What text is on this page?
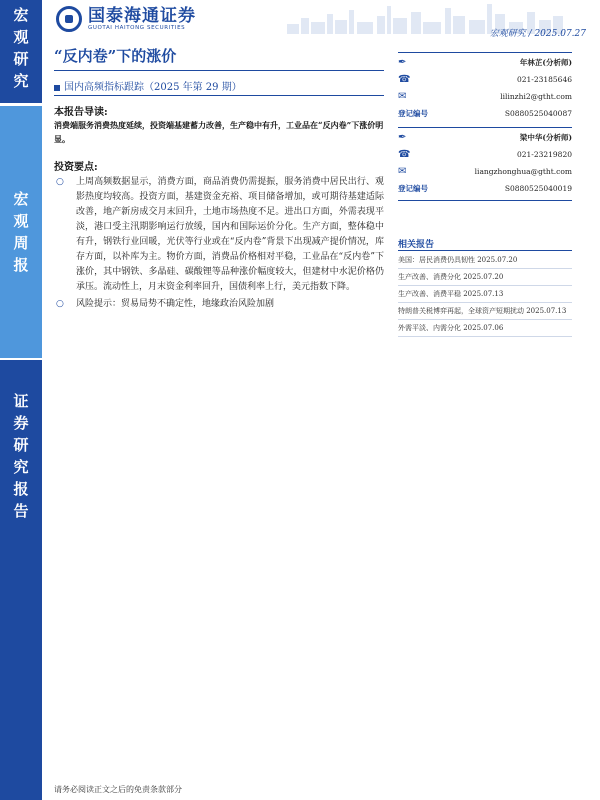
宏
观
研
究
宏
观
周
报
证
券
研
究
报
告
国泰海通证券
GUOTAI HAITONG SECURITIES
宏观研究 / 2025.07.27
“反内卷”下的涨价
国内高频指标跟踪（2025 年第 29 期）
本报告导读:
消费端服务消费热度延续，投资端基建蓄力改善，生产稳中有升，工业品在“反内卷”下涨价明显。
投资要点:
○	上周高频数据显示，消费方面，商品消费仍需提振，服务消费中居民出行、观影热度均较高。投资方面，基建资金充裕、项目储备增加，或可期待基建适际改善，地产新房成交月末回升，土地市场热度不足。进出口方面，外需表现平淡，港口受主汛期影响运行放缓，国内和国际运价分化。生产方面，整体稳中有升，钢铁行业回暖，光伏等行业或在“反内卷”背景下出现减产提价情况，库存方面，以补库为主。物价方面，消费品价格相对平稳，工业品在“反内卷”下涨价，其中钢铁、多晶硅、碳酸锂等品种涨价幅度较大，但建材中水泥价格仍承压。流动性上，月末资金利率回升，国债利率上行，美元指数下降。
○	风险提示：贸易局势不确定性，地缘政治风险加剧
✒	年林芷(分析师)
☎	021-23185646
✉	lilinzhi2@gtht.com
登记编号	S0880525040087
✒	梁中华(分析师)
☎	021-23219820
✉	liangzhonghua@gtht.com
登记编号	S0880525040019
相关报告
美国：居民消费仍具韧性 2025.07.20
生产改善、消费分化 2025.07.20
生产改善、消费平稳 2025.07.13
特朗普关税博弈再起，全球资产短期扰动 2025.07.13
外需平淡、内需分化 2025.07.06
请务必阅读正文之后的免责条款部分
